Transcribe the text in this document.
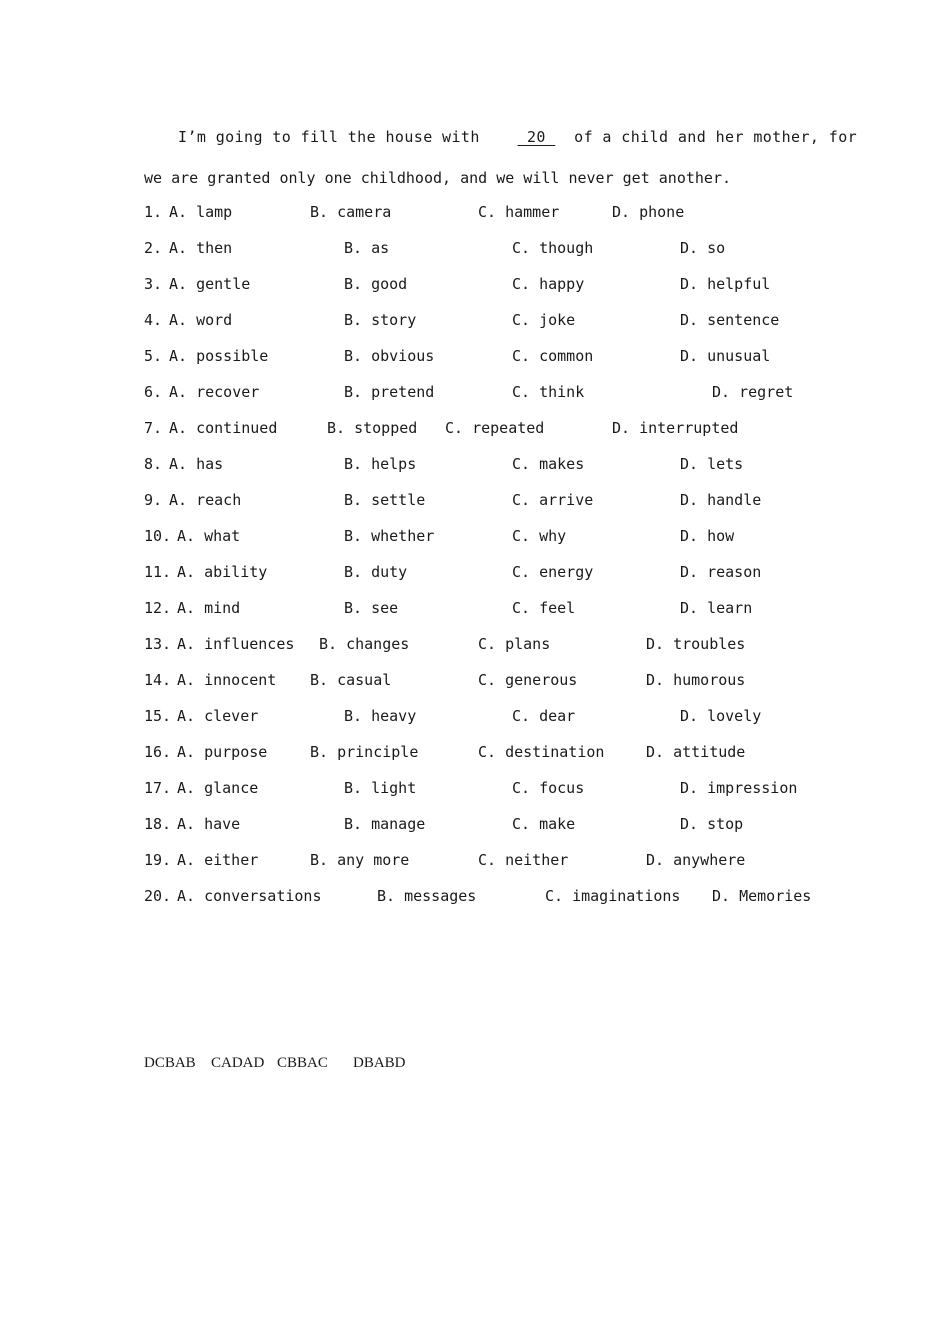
I’m going to fill the house with	20   of a child and her mother, for
we are granted only one childhood, and we will never get another.
1. A. lamp	B. camera	C. hammer	D. phone
2. A. then	B. as	C. though	D. so
3. A. gentle	B. good	C. happy	D. helpful
4. A. word	B. story	C. joke	D. sentence
5. A. possible	B. obvious	C. common	D. unusual
6. A. recover	B. pretend	C. think	D. regret
7. A. continued	B. stopped C. repeated	D. interrupted
8. A. has	B. helps	C. makes	D. lets
9. A. reach	B. settle	C. arrive	D. handle
10. A. what	B. whether	C. why	D. how
11. A. ability	B. duty	C. energy	D. reason
12. A. mind	B. see	C. feel	D. learn
13. A. influences B. changes	C. plans	D. troubles
14. A. innocent B. casual	C. generous	D. humorous
15. A. clever	B. heavy	C. dear	D. lovely
16. A. purpose	B. principle	C. destination	D. attitude
17. A. glance	B. light	C. focus	D. impression
18. A. have	B. manage	C. make	D. stop
19. A. either	B. any more	C. neither	D. anywhere
20. A. conversations	B. messages	C. imaginations D. Memories

DCBAB

CADAD

CBBAC

DBABD
